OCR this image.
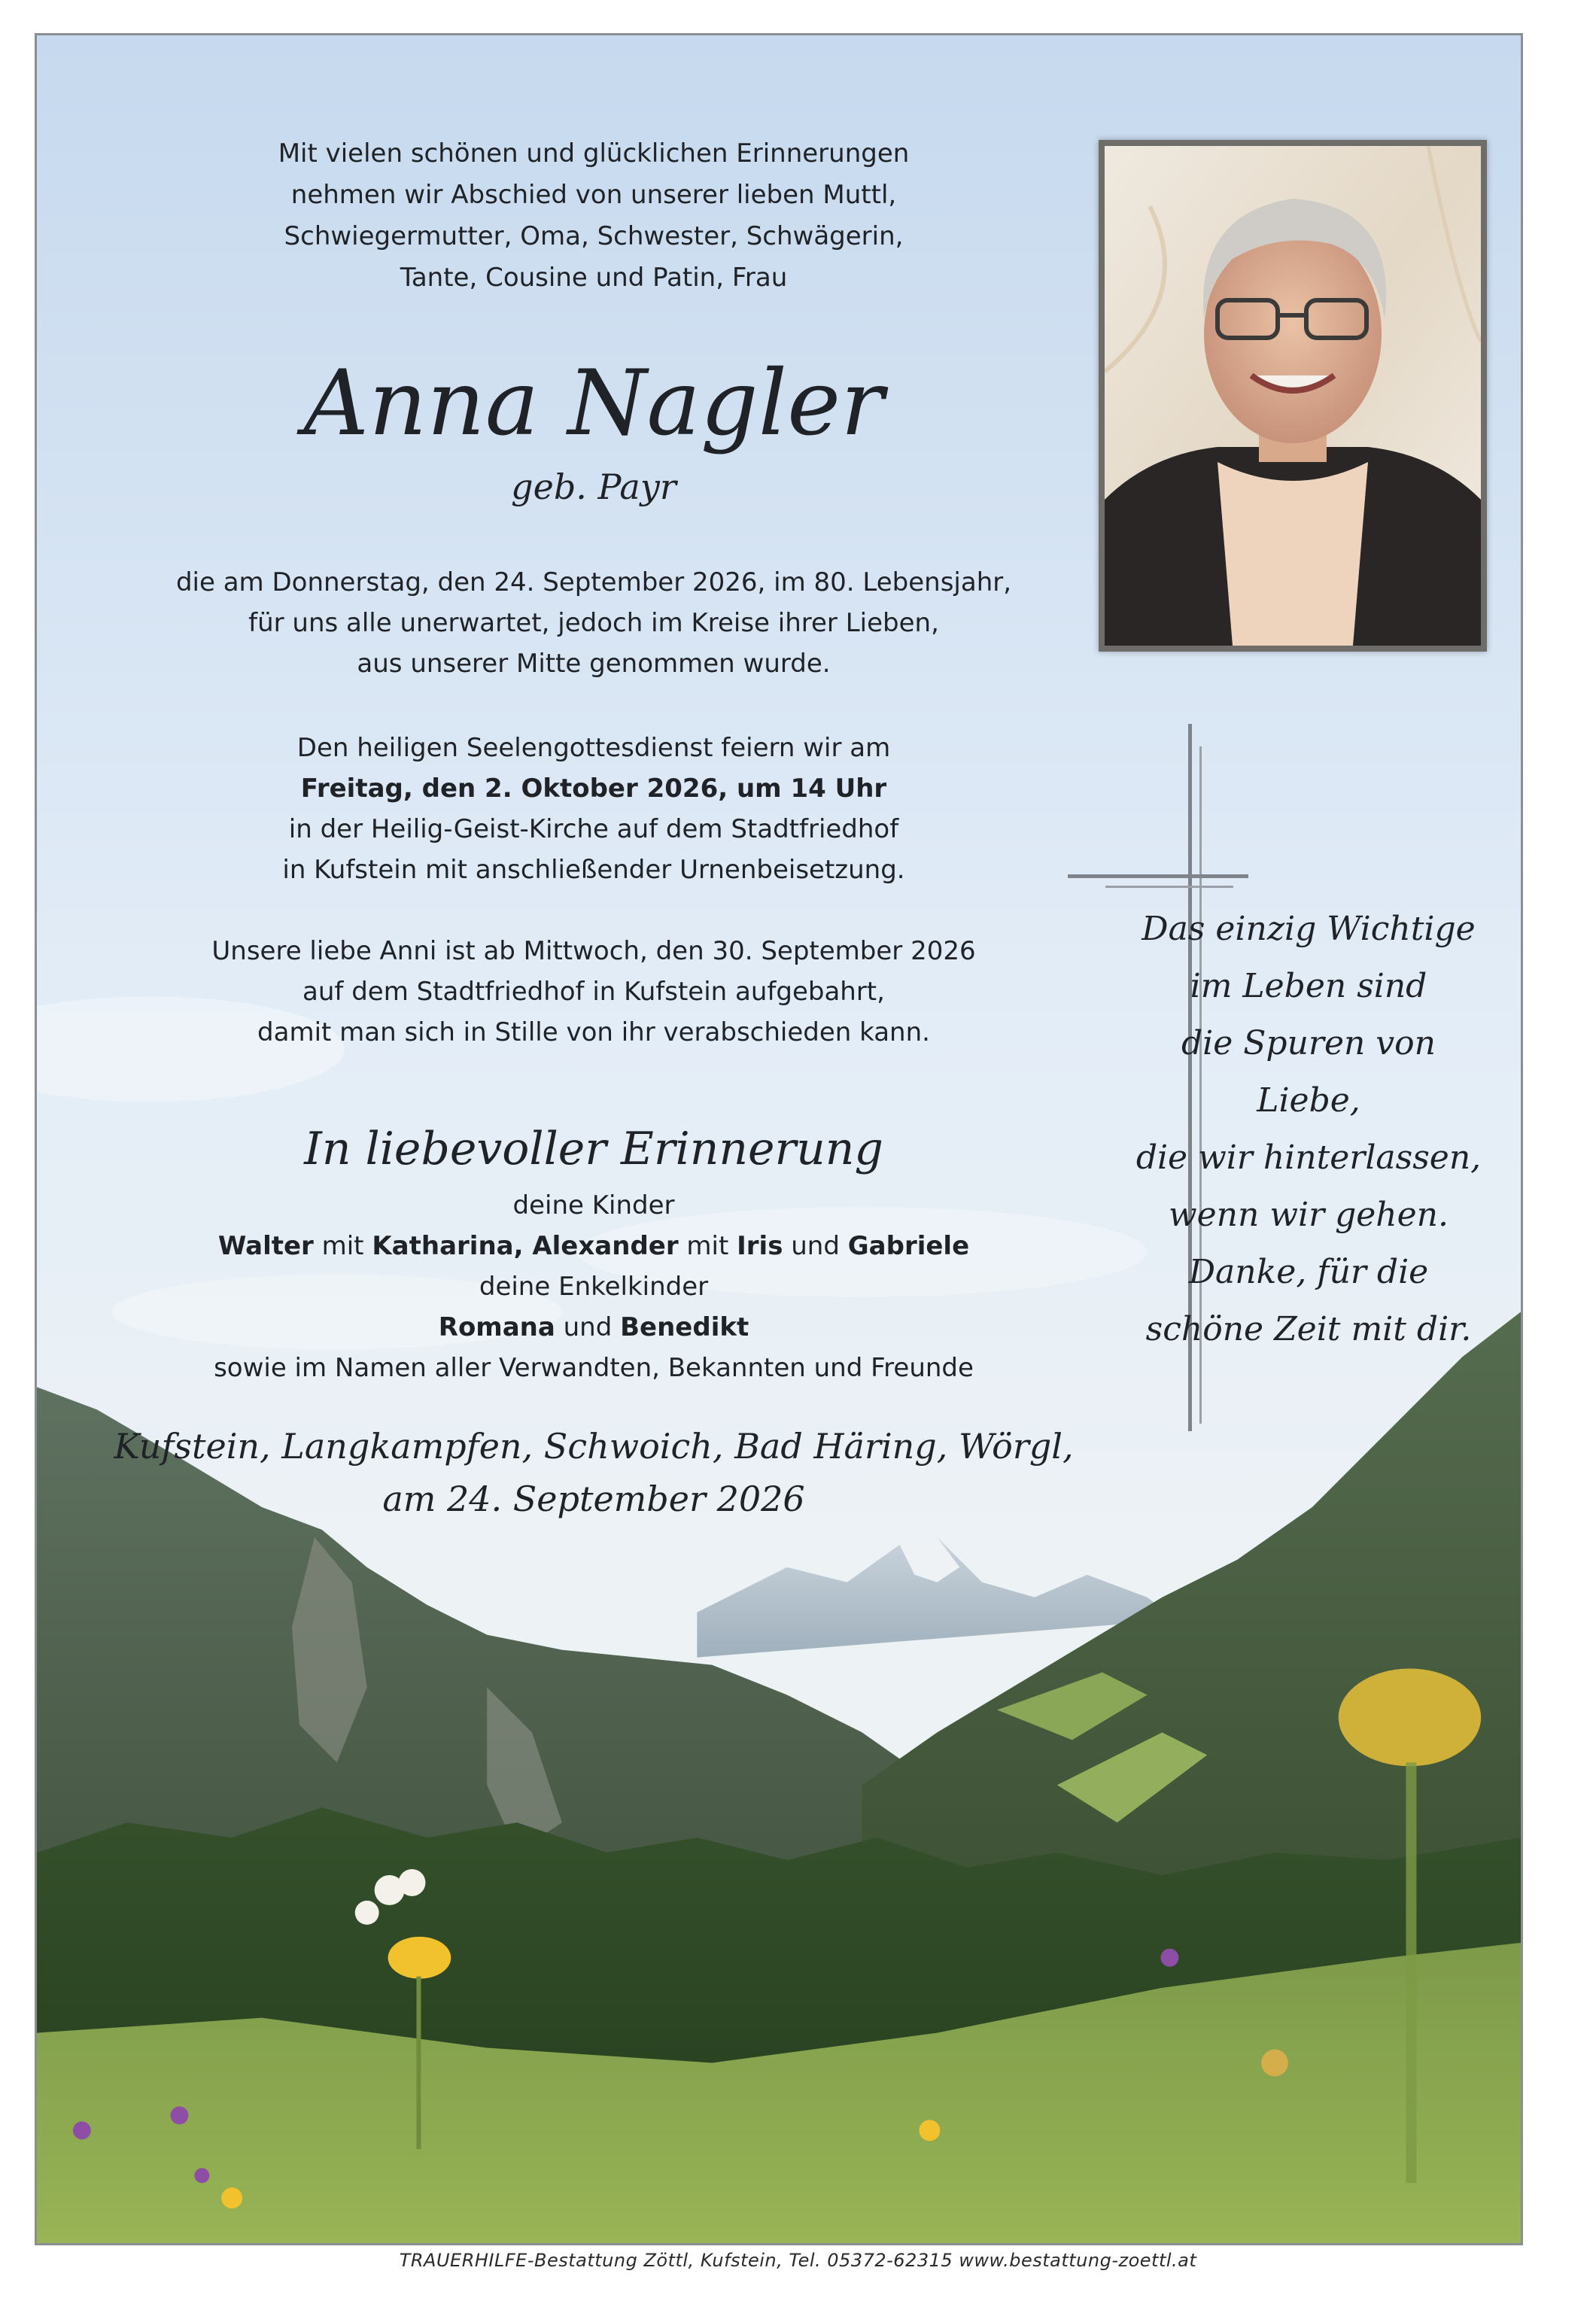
Mit vielen schönen und glücklichen Erinnerungen
nehmen wir Abschied von unserer lieben Muttl,
Schwiegermutter, Oma, Schwester, Schwägerin,
Tante, Cousine und Patin, Frau
Anna Nagler
geb. Payr
die am Donnerstag, den 24. September 2026, im 80. Lebensjahr,
für uns alle unerwartet, jedoch im Kreise ihrer Lieben,
aus unserer Mitte genommen wurde.
Den heiligen Seelengottesdienst feiern wir am
Freitag, den 2. Oktober 2026, um 14 Uhr
in der Heilig-Geist-Kirche auf dem Stadtfriedhof
in Kufstein mit anschließender Urnenbeisetzung.
Unsere liebe Anni ist ab Mittwoch, den 30. September 2026
auf dem Stadtfriedhof in Kufstein aufgebahrt,
damit man sich in Stille von ihr verabschieden kann.
In liebevoller Erinnerung
deine Kinder
Walter mit Katharina, Alexander mit Iris und Gabriele
deine Enkelkinder
Romana und Benedikt
sowie im Namen aller Verwandten, Bekannten und Freunde
Kufstein, Langkampfen, Schwoich, Bad Häring, Wörgl,
am 24. September 2026
Das einzig Wichtige
im Leben sind
die Spuren von Liebe,
die wir hinterlassen,
wenn wir gehen.
Danke, für die
schöne Zeit mit dir.
TRAUERHILFE-Bestattung Zöttl, Kufstein, Tel. 05372-62315 www.bestattung-zoettl.at
